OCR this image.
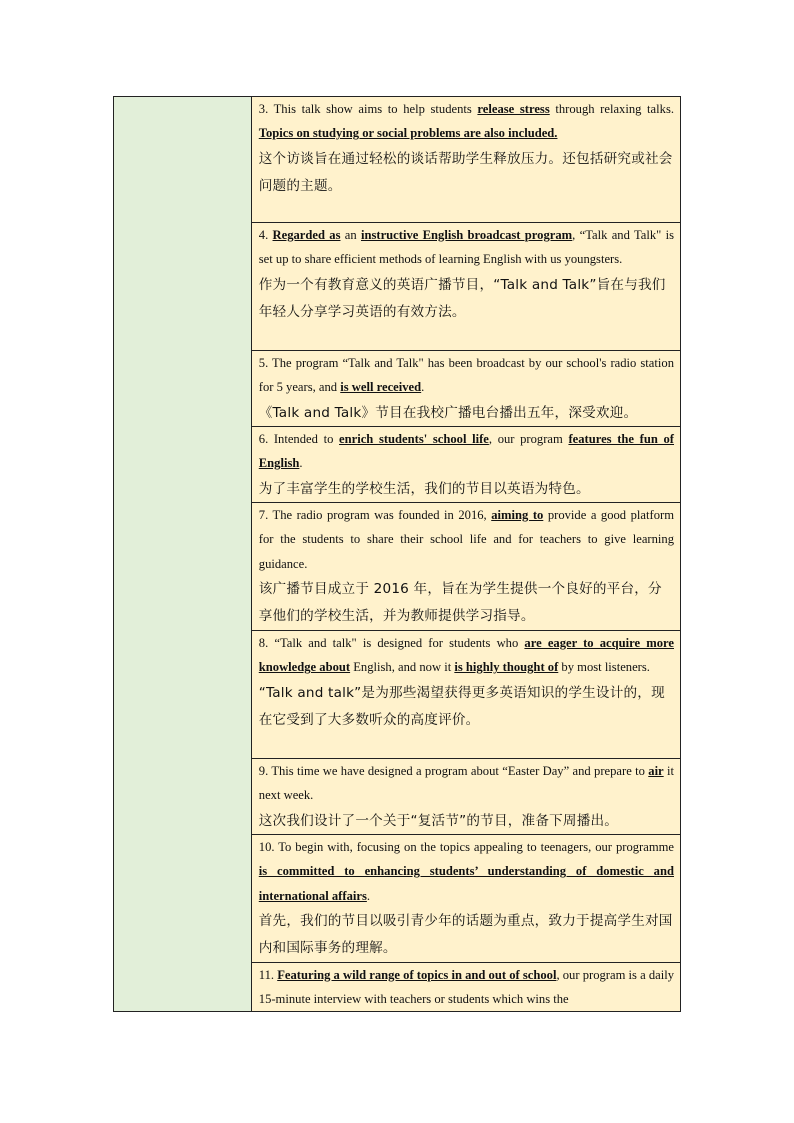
3. This talk show aims to help students release stress through relaxing talks. Topics on studying or social problems are also included.

这个访谈旨在通过轻松的谈话帮助学生释放压力。还包括研究或社会问题的主题。

4. Regarded as an instructive English broadcast program, “Talk and Talk" is set up to share efficient methods of learning English with us youngsters.

作为一个有教育意义的英语广播节目，“Talk and Talk”旨在与我们年轻人分享学习英语的有效方法。

5. The program “Talk and Talk" has been broadcast by our school's radio station for 5 years, and is well received.

《Talk and Talk》节目在我校广播电台播出五年，深受欢迎。

6. Intended to enrich students' school life, our program features the fun of English.

为了丰富学生的学校生活，我们的节目以英语为特色。

7. The radio program was founded in 2016, aiming to provide a good platform for the students to share their school life and for teachers to give learning guidance.

该广播节目成立于 2016 年，旨在为学生提供一个良好的平台，分享他们的学校生活，并为教师提供学习指导。

8. “Talk and talk" is designed for students who are eager to acquire more knowledge about English, and now it is highly thought of by most listeners.

“Talk and talk”是为那些渴望获得更多英语知识的学生设计的，现在它受到了大多数听众的高度评价。

9. This time we have designed a program about “Easter Day” and prepare to air it next week.

这次我们设计了一个关于“复活节”的节目，准备下周播出。

10. To begin with, focusing on the topics appealing to teenagers, our programme is committed to enhancing students’ understanding of domestic and international affairs.

首先，我们的节目以吸引青少年的话题为重点，致力于提高学生对国内和国际事务的理解。

11. Featuring a wild range of topics in and out of school, our program is a daily 15-minute interview with teachers or students which wins the
